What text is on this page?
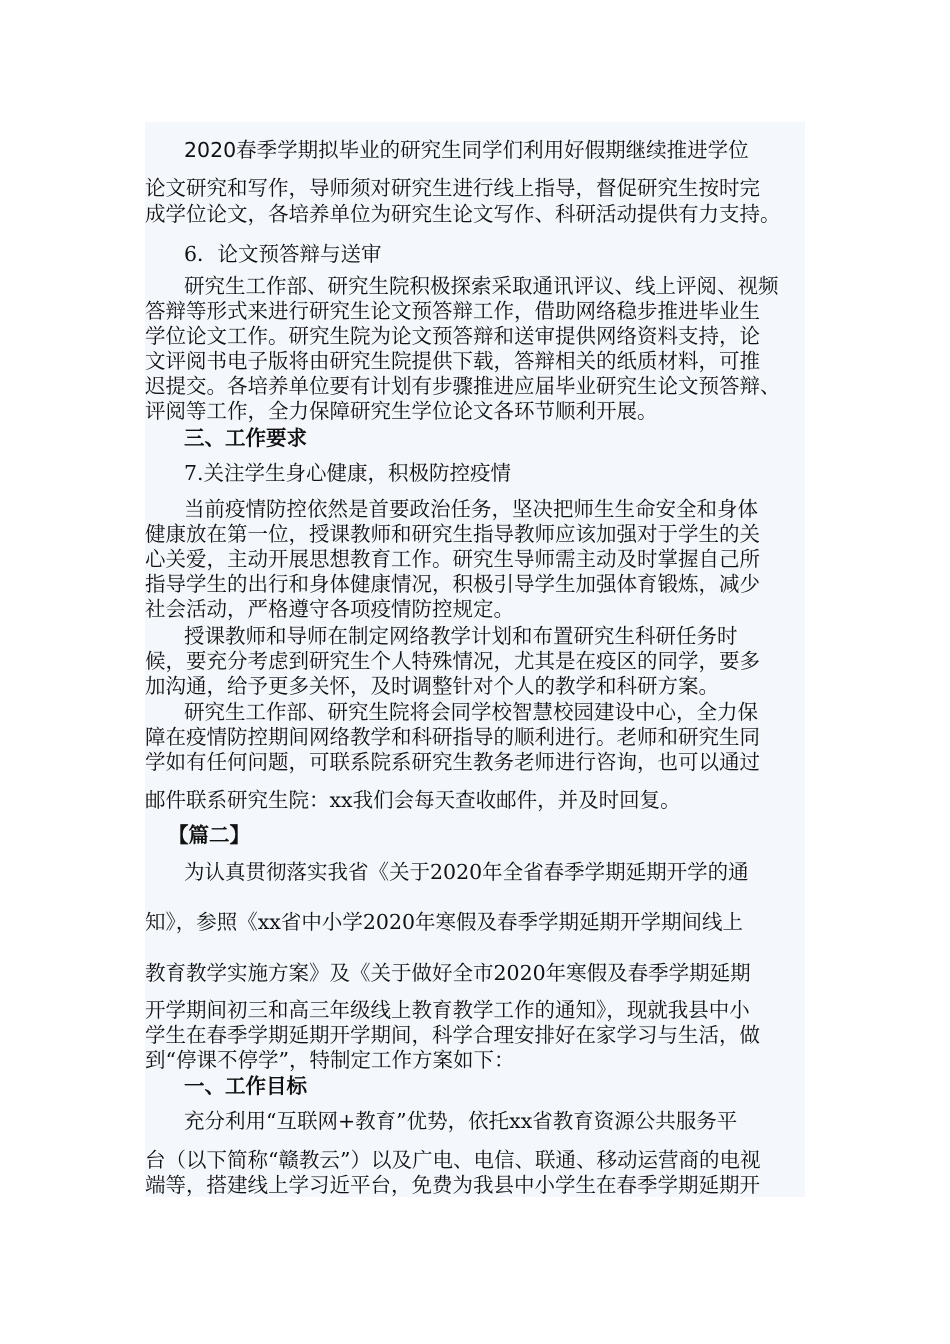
2020春季学期拟毕业的研究生同学们利用好假期继续推进学位
论文研究和写作，导师须对研究生进行线上指导，督促研究生按时完
成学位论文，各培养单位为研究生论文写作、科研活动提供有力支持。
6．论文预答辩与送审
研究生工作部、研究生院积极探索采取通讯评议、线上评阅、视频
答辩等形式来进行研究生论文预答辩工作，借助网络稳步推进毕业生
学位论文工作。研究生院为论文预答辩和送审提供网络资料支持，论
文评阅书电子版将由研究生院提供下载，答辩相关的纸质材料，可推
迟提交。各培养单位要有计划有步骤推进应届毕业研究生论文预答辩、
评阅等工作，全力保障研究生学位论文各环节顺利开展。
三、工作要求
7.关注学生身心健康，积极防控疫情
当前疫情防控依然是首要政治任务，坚决把师生生命安全和身体
健康放在第一位，授课教师和研究生指导教师应该加强对于学生的关
心关爱，主动开展思想教育工作。研究生导师需主动及时掌握自己所
指导学生的出行和身体健康情况，积极引导学生加强体育锻炼，减少
社会活动，严格遵守各项疫情防控规定。
授课教师和导师在制定网络教学计划和布置研究生科研任务时
候，要充分考虑到研究生个人特殊情况，尤其是在疫区的同学，要多
加沟通，给予更多关怀，及时调整针对个人的教学和科研方案。
研究生工作部、研究生院将会同学校智慧校园建设中心，全力保
障在疫情防控期间网络教学和科研指导的顺利进行。老师和研究生同
学如有任何问题，可联系院系研究生教务老师进行咨询，也可以通过
邮件联系研究生院：xx我们会每天查收邮件，并及时回复。
【篇二】
为认真贯彻落实我省《关于2020年全省春季学期延期开学的通
知》，参照《xx省中小学2020年寒假及春季学期延期开学期间线上
教育教学实施方案》及《关于做好全市2020年寒假及春季学期延期
开学期间初三和高三年级线上教育教学工作的通知》，现就我县中小
学生在春季学期延期开学期间，科学合理安排好在家学习与生活，做
到“停课不停学”，特制定工作方案如下：
一、工作目标
充分利用“互联网+教育”优势，依托xx省教育资源公共服务平
台（以下简称“赣教云”）以及广电、电信、联通、移动运营商的电视
端等，搭建线上学习近平台，免费为我县中小学生在春季学期延期开
